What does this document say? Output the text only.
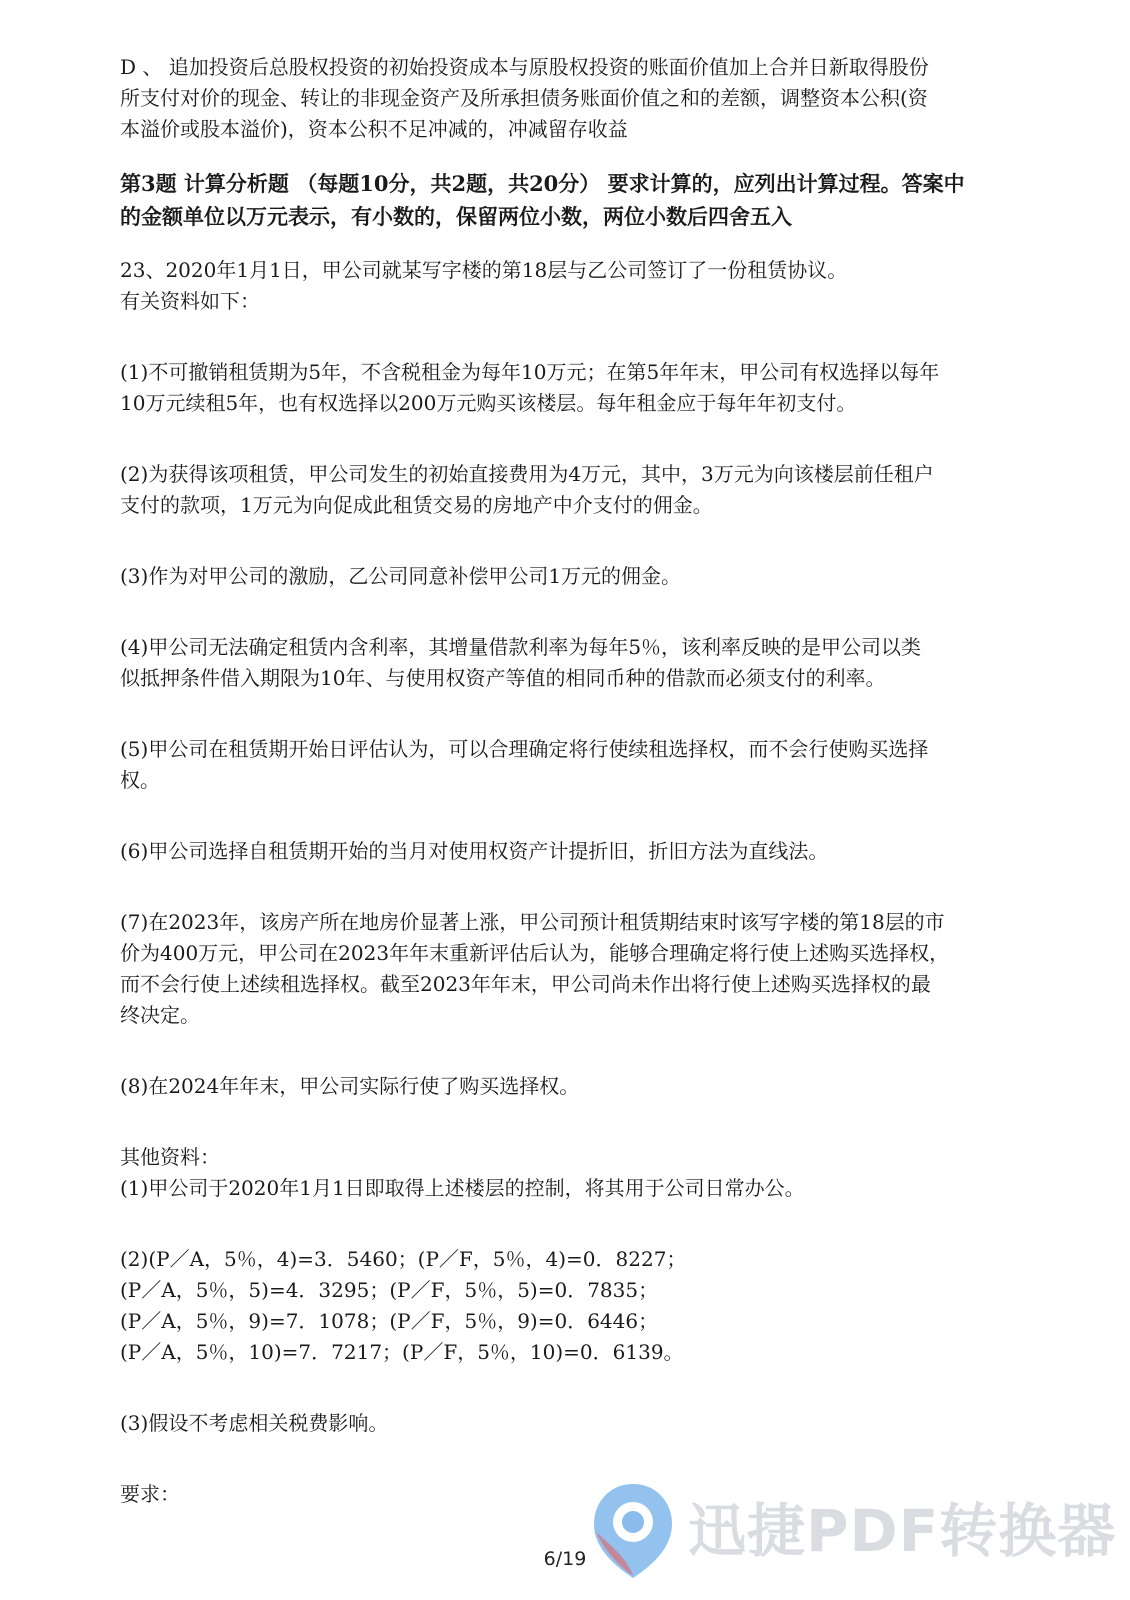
D 、 追加投资后总股权投资的初始投资成本与原股权投资的账面价值加上合并日新取得股份
所支付对价的现金、转让的非现金资产及所承担债务账面价值之和的差额，调整资本公积(资
本溢价或股本溢价)，资本公积不足冲减的，冲减留存收益
第3题 计算分析题 （每题10分，共2题，共20分） 要求计算的，应列出计算过程。答案中
的金额单位以万元表示，有小数的，保留两位小数，两位小数后四舍五入
23、2020年1月1日，甲公司就某写字楼的第18层与乙公司签订了一份租赁协议。
有关资料如下：
(1)不可撤销租赁期为5年，不含税租金为每年10万元；在第5年年末，甲公司有权选择以每年
10万元续租5年，也有权选择以200万元购买该楼层。每年租金应于每年年初支付。
(2)为获得该项租赁，甲公司发生的初始直接费用为4万元，其中，3万元为向该楼层前任租户
支付的款项，1万元为向促成此租赁交易的房地产中介支付的佣金。
(3)作为对甲公司的激励，乙公司同意补偿甲公司1万元的佣金。
(4)甲公司无法确定租赁内含利率，其增量借款利率为每年5％，该利率反映的是甲公司以类
似抵押条件借入期限为10年、与使用权资产等值的相同币种的借款而必须支付的利率。
(5)甲公司在租赁期开始日评估认为，可以合理确定将行使续租选择权，而不会行使购买选择
权。
(6)甲公司选择自租赁期开始的当月对使用权资产计提折旧，折旧方法为直线法。
(7)在2023年，该房产所在地房价显著上涨，甲公司预计租赁期结束时该写字楼的第18层的市
价为400万元，甲公司在2023年年末重新评估后认为，能够合理确定将行使上述购买选择权，
而不会行使上述续租选择权。截至2023年年末，甲公司尚未作出将行使上述购买选择权的最
终决定。
(8)在2024年年末，甲公司实际行使了购买选择权。
其他资料：
(1)甲公司于2020年1月1日即取得上述楼层的控制，将其用于公司日常办公。
(2)(P／A，5％，4)=3．5460；(P／F，5％，4)=0．8227；
(P／A，5％，5)=4．3295；(P／F，5％，5)=0．7835；
(P／A，5％，9)=7．1078；(P／F，5％，9)=0．6446；
(P／A，5％，10)=7．7217；(P／F，5％，10)=0．6139。
(3)假设不考虑相关税费影响。
要求：
迅捷PDF转换器
6/19
